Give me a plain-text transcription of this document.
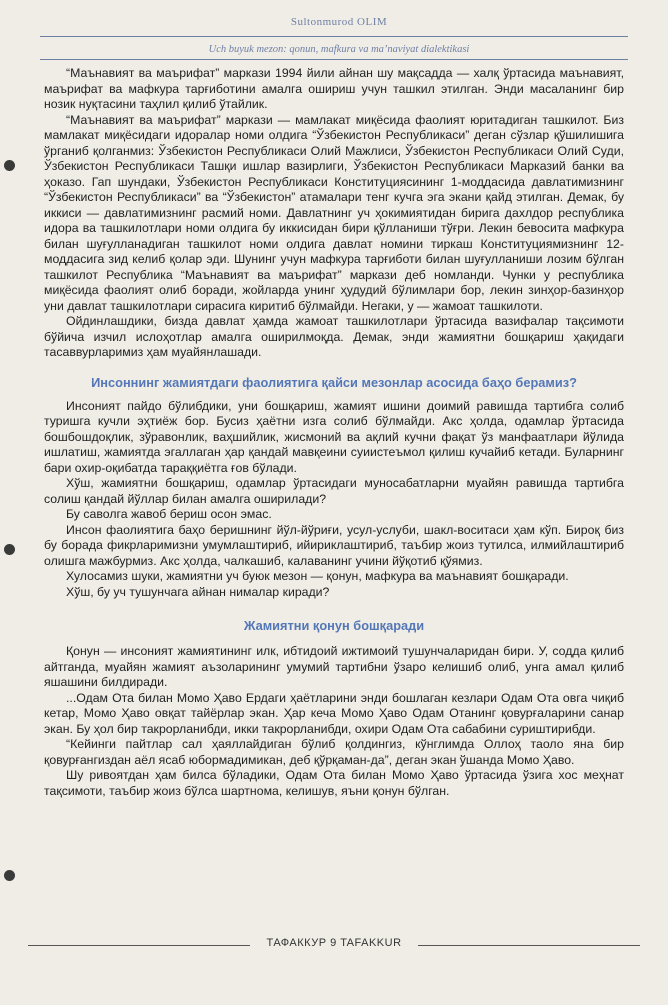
Sultonmurod OLIM
Uch buyuk mezon: qonun, mafkura va ma’naviyat dialektikasi

“Маънавият ва маърифат” маркази 1994 йили айнан шу мақсадда — халқ ўртасида маънавият, маърифат ва мафкура тарғиботини амалга ошириш учун ташкил этилган. Энди масаланинг бир нозик нуқтасини таҳлил қилиб ўтайлик.

“Маънавият ва маърифат” маркази — мамлакат миқёсида фаолият юритадиган ташкилот. Биз мамлакат миқёсидаги идоралар номи олдига “Ўзбекистон Республикаси” деган сўзлар қўшилишига ўрганиб қолганмиз: Ўзбекистон Республикаси Олий Мажлиси, Ўзбекистон Республикаси Олий Суди, Ўзбекистон Республикаси Ташқи ишлар вазирлиги, Ўзбекистон Республикаси Марказий банки ва ҳоказо. Гап шундаки, Ўзбекистон Республикаси Конституциясининг 1-моддасида давлатимизнинг “Ўзбекистон Республикаси” ва “Ўзбекистон” атамалари тенг кучга эга экани қайд этилган. Демак, бу иккиси — давлатимизнинг расмий номи. Давлатнинг уч ҳокимиятидан бирига дахлдор республика идора ва ташкилотлари номи олдига бу иккисидан бири қўлланиши тўғри. Лекин бевосита мафкура билан шуғулланадиган ташкилот номи олдига давлат номини тиркаш Конституциямизнинг 12-моддасига зид келиб қолар эди. Шунинг учун мафкура тарғиботи билан шуғулланиши лозим бўлган ташкилот Республика “Маънавият ва маърифат” маркази деб номланди. Чунки у республика миқёсида фаолият олиб боради, жойларда унинг ҳудудий бўлимлари бор, лекин зинҳор-базинҳор уни давлат ташкилотлари сирасига киритиб бўлмайди. Негаки, у — жамоат ташкилоти.

Ойдинлашдики, бизда давлат ҳамда жамоат ташкилотлари ўртасида вазифалар тақсимоти бўйича изчил ислоҳотлар амалга оширилмоқда. Демак, энди жамиятни бошқариш ҳақидаги тасаввурларимиз ҳам муайянлашади.

Инсоннинг жамиятдаги фаолиятига қайси мезонлар асосида баҳо берамиз?

Инсоният пайдо бўлибдики, уни бошқариш, жамият ишини доимий равишда тартибга солиб туришга кучли эҳтиёж бор. Бусиз ҳаётни изга солиб бўлмайди. Акс ҳолда, одамлар ўртасида бошбошдоқлик, зўравонлик, ваҳшийлик, жисмоний ва ақлий кучни фақат ўз манфаатлари йўлида ишлатиш, жамиятда эгаллаган ҳар қандай мавқеини суиистеъмол қилиш кучайиб кетади. Буларнинг бари охир-оқибатда тараққиётга ғов бўлади.

Хўш, жамиятни бошқариш, одамлар ўртасидаги муносабатларни муайян равишда тартибга солиш қандай йўллар билан амалга оширилади?

Бу саволга жавоб бериш осон эмас.

Инсон фаолиятига баҳо беришнинг йўл-йўриғи, усул-услуби, шакл-воситаси ҳам кўп. Бироқ биз бу борада фикрларимизни умумлаштириб, ийириклаштириб, таъбир жоиз тутилса, илмийлаштириб олишга мажбурмиз. Акс ҳолда, чалкашиб, калаванинг учини йўқотиб қўямиз.

Хулосамиз шуки, жамиятни уч буюк мезон — қонун, мафкура ва маънавият бошқаради.

Хўш, бу уч тушунчага айнан нималар киради?

Жамиятни қонун бошқаради

Қонун — инсоният жамиятининг илк, ибтидоий ижтимоий тушунчаларидан бири. У, содда қилиб айтганда, муайян жамият аъзоларининг умумий тартибни ўзаро келишиб олиб, унга амал қилиб яшашини билдиради.

...Одам Ота билан Момо Ҳаво Ердаги ҳаётларини энди бошлаган кезлари Одам Ота овга чиқиб кетар, Момо Ҳаво овқат тайёрлар экан. Ҳар кеча Момо Ҳаво Одам Отанинг қовурғаларини санар экан. Бу ҳол бир такрорланибди, икки такрорланибди, охири Одам Ота сабабини суриштирибди.

“Кейинги пайтлар сал ҳаяллайдиган бўлиб қолдингиз, кўнглимда Оллоҳ таоло яна бир қовурғангиздан аёл ясаб юбормадимикан, деб қўрқаман-да”, деган экан ўшанда Момо Ҳаво.

Шу ривоятдан ҳам билса бўладики, Одам Ота билан Момо Ҳаво ўртасида ўзига хос меҳнат тақсимоти, таъбир жоиз бўлса шартнома, келишув, яъни қонун бўлган.

ТАФАККУР 9 TAFAKKUR
